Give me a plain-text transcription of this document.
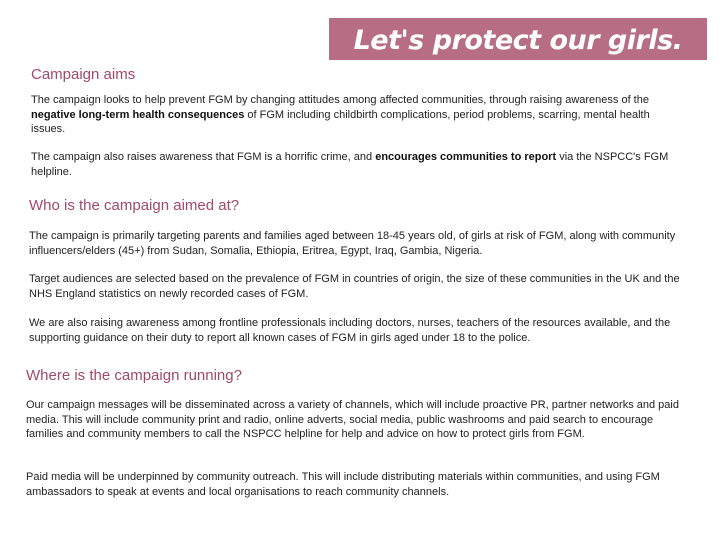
Let's protect our girls.
Campaign aims

The campaign looks to help prevent FGM by changing attitudes among affected communities, through raising awareness of the negative long-term health consequences of FGM including childbirth complications, period problems, scarring, mental health issues.

The campaign also raises awareness that FGM is a horrific crime, and encourages communities to report via the NSPCC's FGM helpline.

Who is the campaign aimed at?

The campaign is primarily targeting parents and families aged between 18-45 years old, of girls at risk of FGM, along with community influencers/elders (45+) from Sudan, Somalia, Ethiopia, Eritrea, Egypt, Iraq, Gambia, Nigeria.

Target audiences are selected based on the prevalence of FGM in countries of origin, the size of these communities in the UK and the NHS England statistics on newly recorded cases of FGM.

We are also raising awareness among frontline professionals including doctors, nurses, teachers of the resources available, and the supporting guidance on their duty to report all known cases of FGM in girls aged under 18 to the police.

Where is the campaign running?

Our campaign messages will be disseminated across a variety of channels, which will include proactive PR, partner networks and paid media. This will include community print and radio, online adverts, social media, public washrooms and paid search to encourage families and community members to call the NSPCC helpline for help and advice on how to protect girls from FGM.

Paid media will be underpinned by community outreach. This will include distributing materials within communities, and using FGM ambassadors to speak at events and local organisations to reach community channels.
